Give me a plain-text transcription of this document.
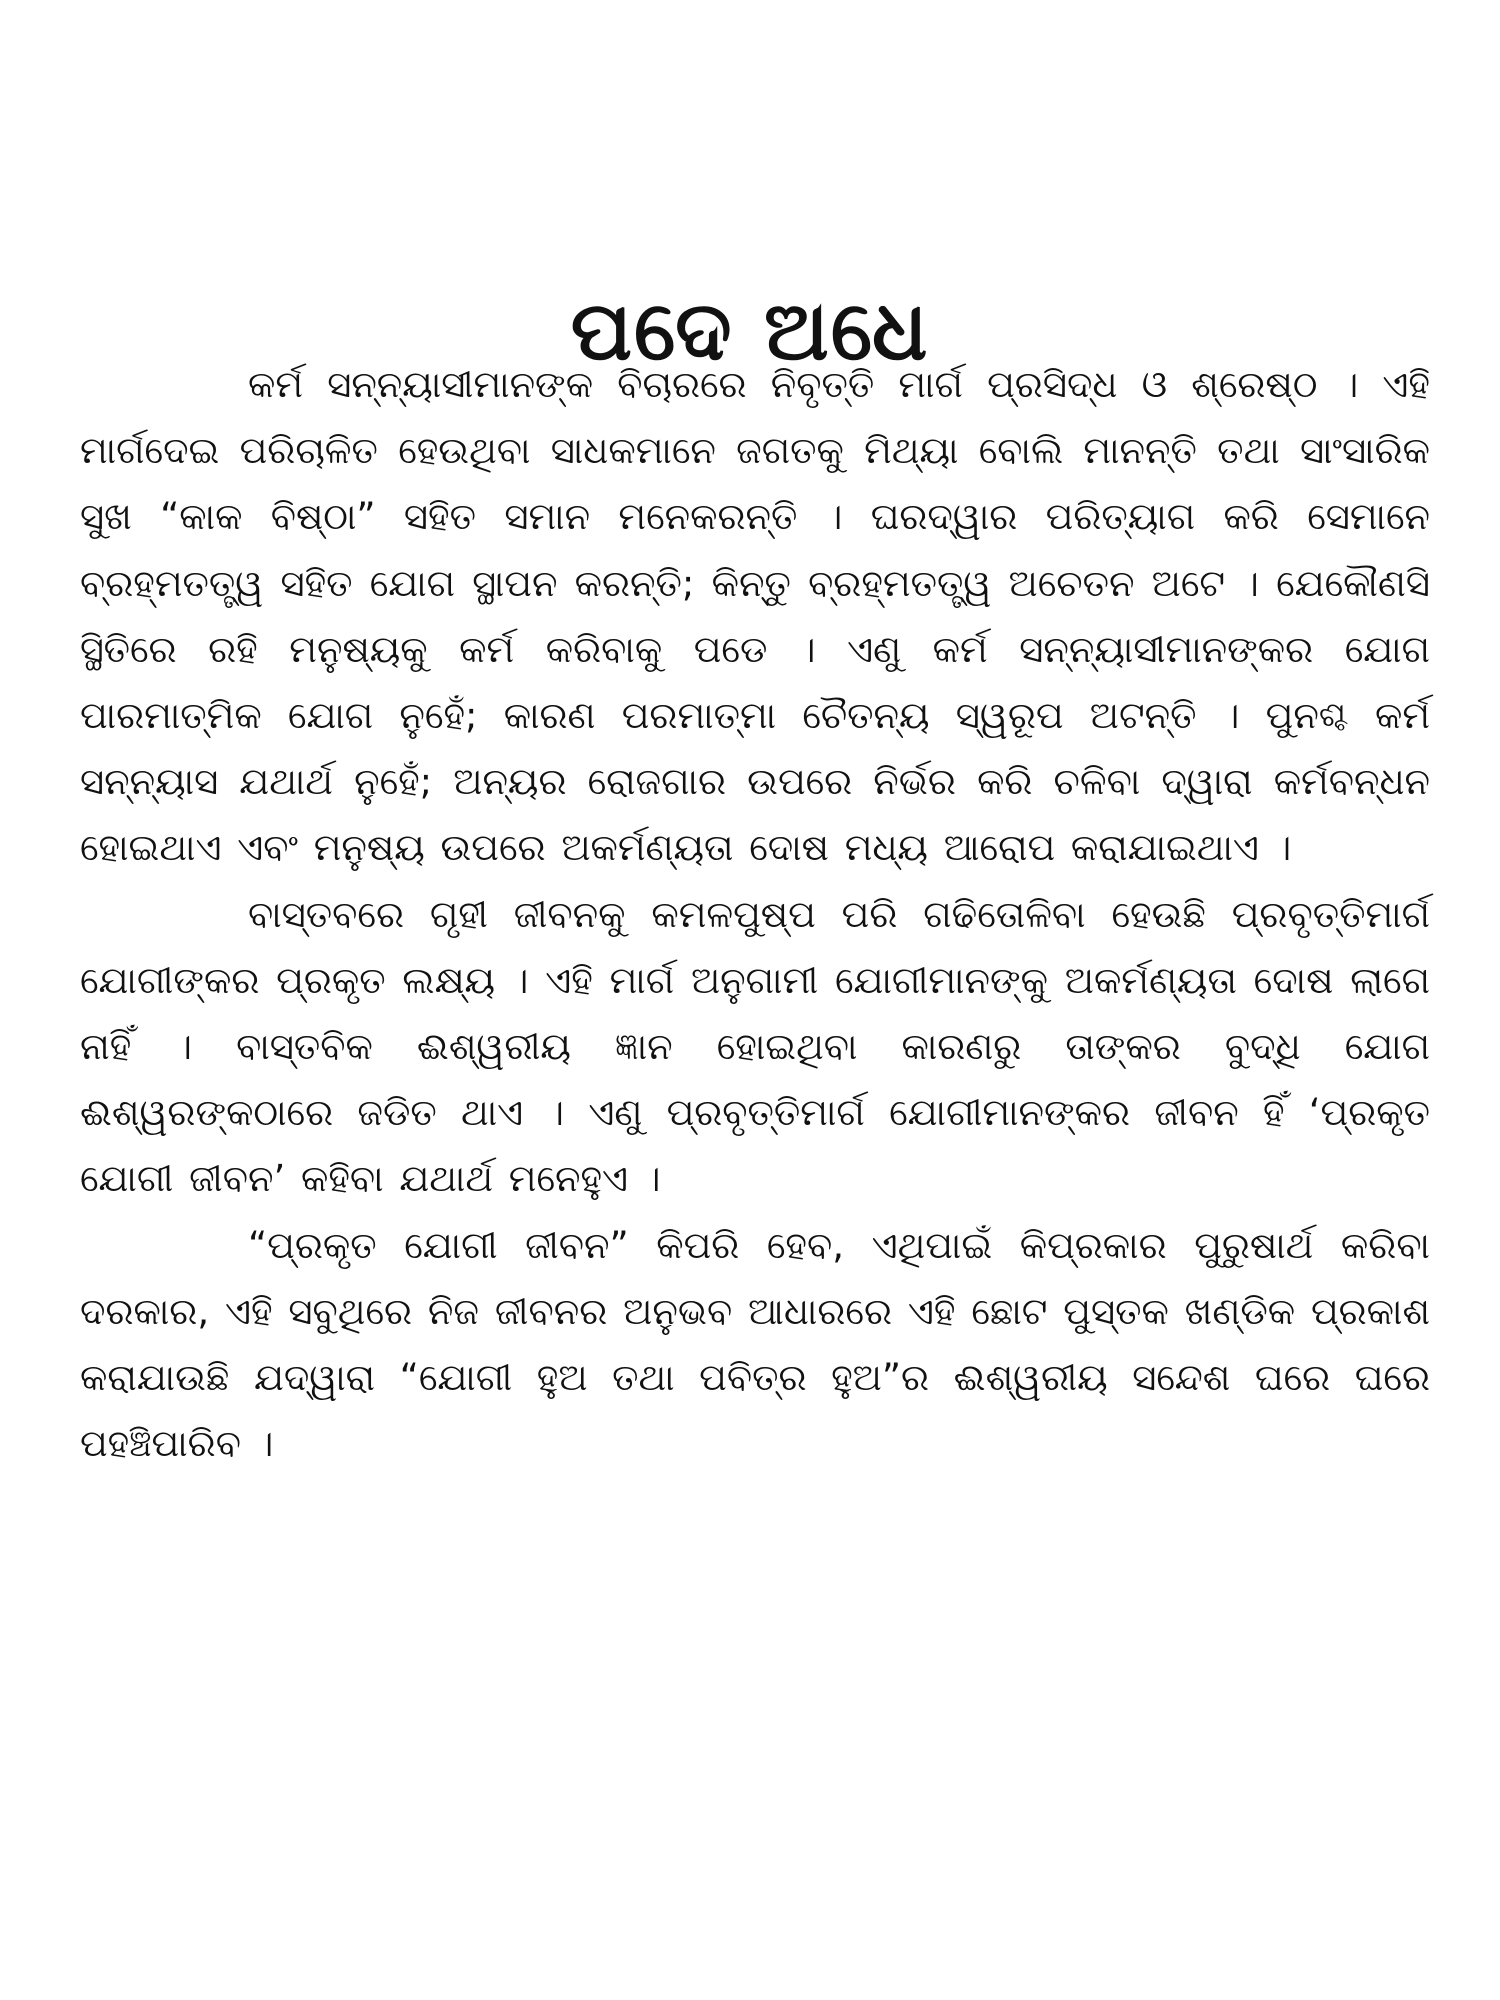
ପଦେ ଅଧେ

କର୍ମ ସନ୍ନ୍ୟାସୀମାନଙ୍କ ବିଚାରରେ ନିବୃତ୍ତି ମାର୍ଗ ପ୍ରସିଦ୍ଧ ଓ ଶ୍ରେଷ୍ଠ । ଏହି ମାର୍ଗଦେଇ ପରିଚାଳିତ ହେଉଥିବା ସାଧକମାନେ ଜଗତକୁ ମିଥ୍ୟା ବୋଲି ମାନନ୍ତି ତଥା ସାଂସାରିକ ସୁଖ “କାକ ବିଷ୍ଠା” ସହିତ ସମାନ ମନେକରନ୍ତି । ଘରଦ୍ୱାର ପରିତ୍ୟାଗ କରି ସେମାନେ ବ୍ରହ୍ମତତ୍ତ୍ୱ ସହିତ ଯୋଗ ସ୍ଥାପନ କରନ୍ତି; କିନ୍ତୁ ବ୍ରହ୍ମତତ୍ତ୍ୱ ଅଚେତନ ଅଟେ । ଯେକୌଣସି ସ୍ଥିତିରେ ରହି ମନୁଷ୍ୟକୁ କର୍ମ କରିବାକୁ ପଡେ । ଏଣୁ କର୍ମ ସନ୍ନ୍ୟାସୀମାନଙ୍କର ଯୋଗ ପାରମାତ୍ମିକ ଯୋଗ ନୁହେଁ; କାରଣ ପରମାତ୍ମା ଚୈତନ୍ୟ ସ୍ୱରୂପ ଅଟନ୍ତି । ପୁନଶ୍ଚ କର୍ମ ସନ୍ନ୍ୟାସ ଯଥାର୍ଥ ନୁହେଁ; ଅନ୍ୟର ରୋଜଗାର ଉପରେ ନିର୍ଭର କରି ଚଳିବା ଦ୍ୱାରା କର୍ମବନ୍ଧନ ହୋଇଥାଏ ଏବଂ ମନୁଷ୍ୟ ଉପରେ ଅକର୍ମଣ୍ୟତା ଦୋଷ ମଧ୍ୟ ଆରୋପ କରାଯାଇଥାଏ ।

ବାସ୍ତବରେ ଗୃହୀ ଜୀବନକୁ କମଳପୁଷ୍ପ ପରି ଗଢିତୋଳିବା ହେଉଛି ପ୍ରବୃତ୍ତିମାର୍ଗ ଯୋଗୀଙ୍କର ପ୍ରକୃତ ଲକ୍ଷ୍ୟ । ଏହି ମାର୍ଗ ଅନୁଗାମୀ ଯୋଗୀମାନଙ୍କୁ ଅକର୍ମଣ୍ୟତା ଦୋଷ ଲାଗେ ନାହିଁ । ବାସ୍ତବିକ ଈଶ୍ୱରୀୟ ଜ୍ଞାନ ହୋଇଥିବା କାରଣରୁ ତାଙ୍କର ବୁଦ୍ଧି ଯୋଗ ଈଶ୍ୱରଙ୍କଠାରେ ଜଡିତ ଥାଏ । ଏଣୁ ପ୍ରବୃତ୍ତିମାର୍ଗ ଯୋଗୀମାନଙ୍କର ଜୀବନ ହିଁ ‘ପ୍ରକୃତ ଯୋଗୀ ଜୀବନ’ କହିବା ଯଥାର୍ଥ ମନେହୁଏ ।

“ପ୍ରକୃତ ଯୋଗୀ ଜୀବନ” କିପରି ହେବ, ଏଥିପାଇଁ କିପ୍ରକାର ପୁରୁଷାର୍ଥ କରିବା ଦରକାର, ଏହି ସବୁଥିରେ ନିଜ ଜୀବନର ଅନୁଭବ ଆଧାରରେ ଏହି ଛୋଟ ପୁସ୍ତକ ଖଣ୍ଡିକ ପ୍ରକାଶ କରାଯାଉଛି ଯଦ୍ୱାରା “ଯୋଗୀ ହୁଅ ତଥା ପବିତ୍ର ହୁଅ”ର ଈଶ୍ୱରୀୟ ସନ୍ଦେଶ ଘରେ ଘରେ ପହଞ୍ଚିପାରିବ ।
